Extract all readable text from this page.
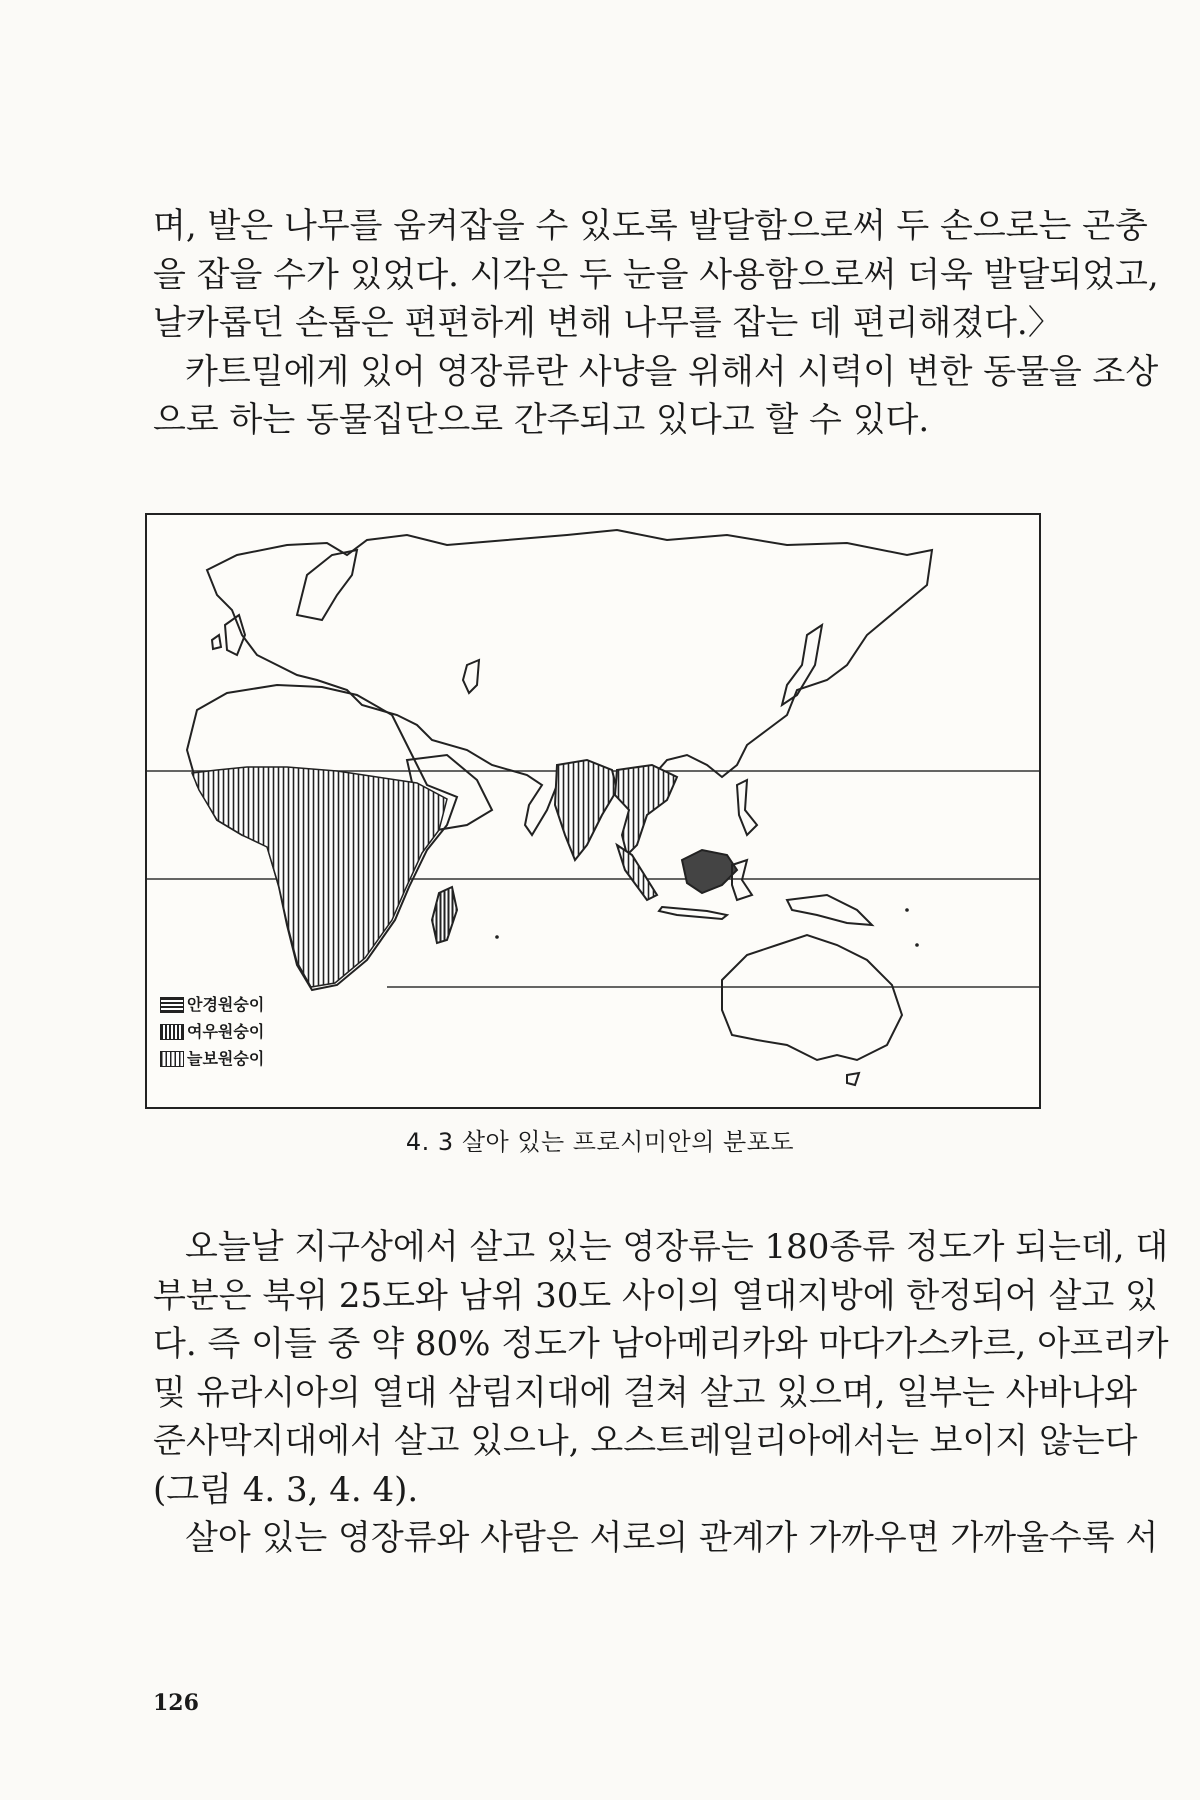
며, 발은 나무를 움켜잡을 수 있도록 발달함으로써 두 손으로는 곤충
을 잡을 수가 있었다. 시각은 두 눈을 사용함으로써 더욱 발달되었고,
날카롭던 손톱은 편편하게 변해 나무를 잡는 데 편리해졌다.〉
카트밀에게 있어 영장류란 사냥을 위해서 시력이 변한 동물을 조상
으로 하는 동물집단으로 간주되고 있다고 할 수 있다.

안경원숭이
여우원숭이
늘보원숭이
4. 3 살아 있는 프로시미안의 분포도

오늘날 지구상에서 살고 있는 영장류는 180종류 정도가 되는데, 대
부분은 북위 25도와 남위 30도 사이의 열대지방에 한정되어 살고 있
다. 즉 이들 중 약 80% 정도가 남아메리카와 마다가스카르, 아프리카
및 유라시아의 열대 삼림지대에 걸쳐 살고 있으며, 일부는 사바나와
준사막지대에서 살고 있으나, 오스트레일리아에서는 보이지 않는다
(그림 4. 3, 4. 4).
살아 있는 영장류와 사람은 서로의 관계가 가까우면 가까울수록 서

126
